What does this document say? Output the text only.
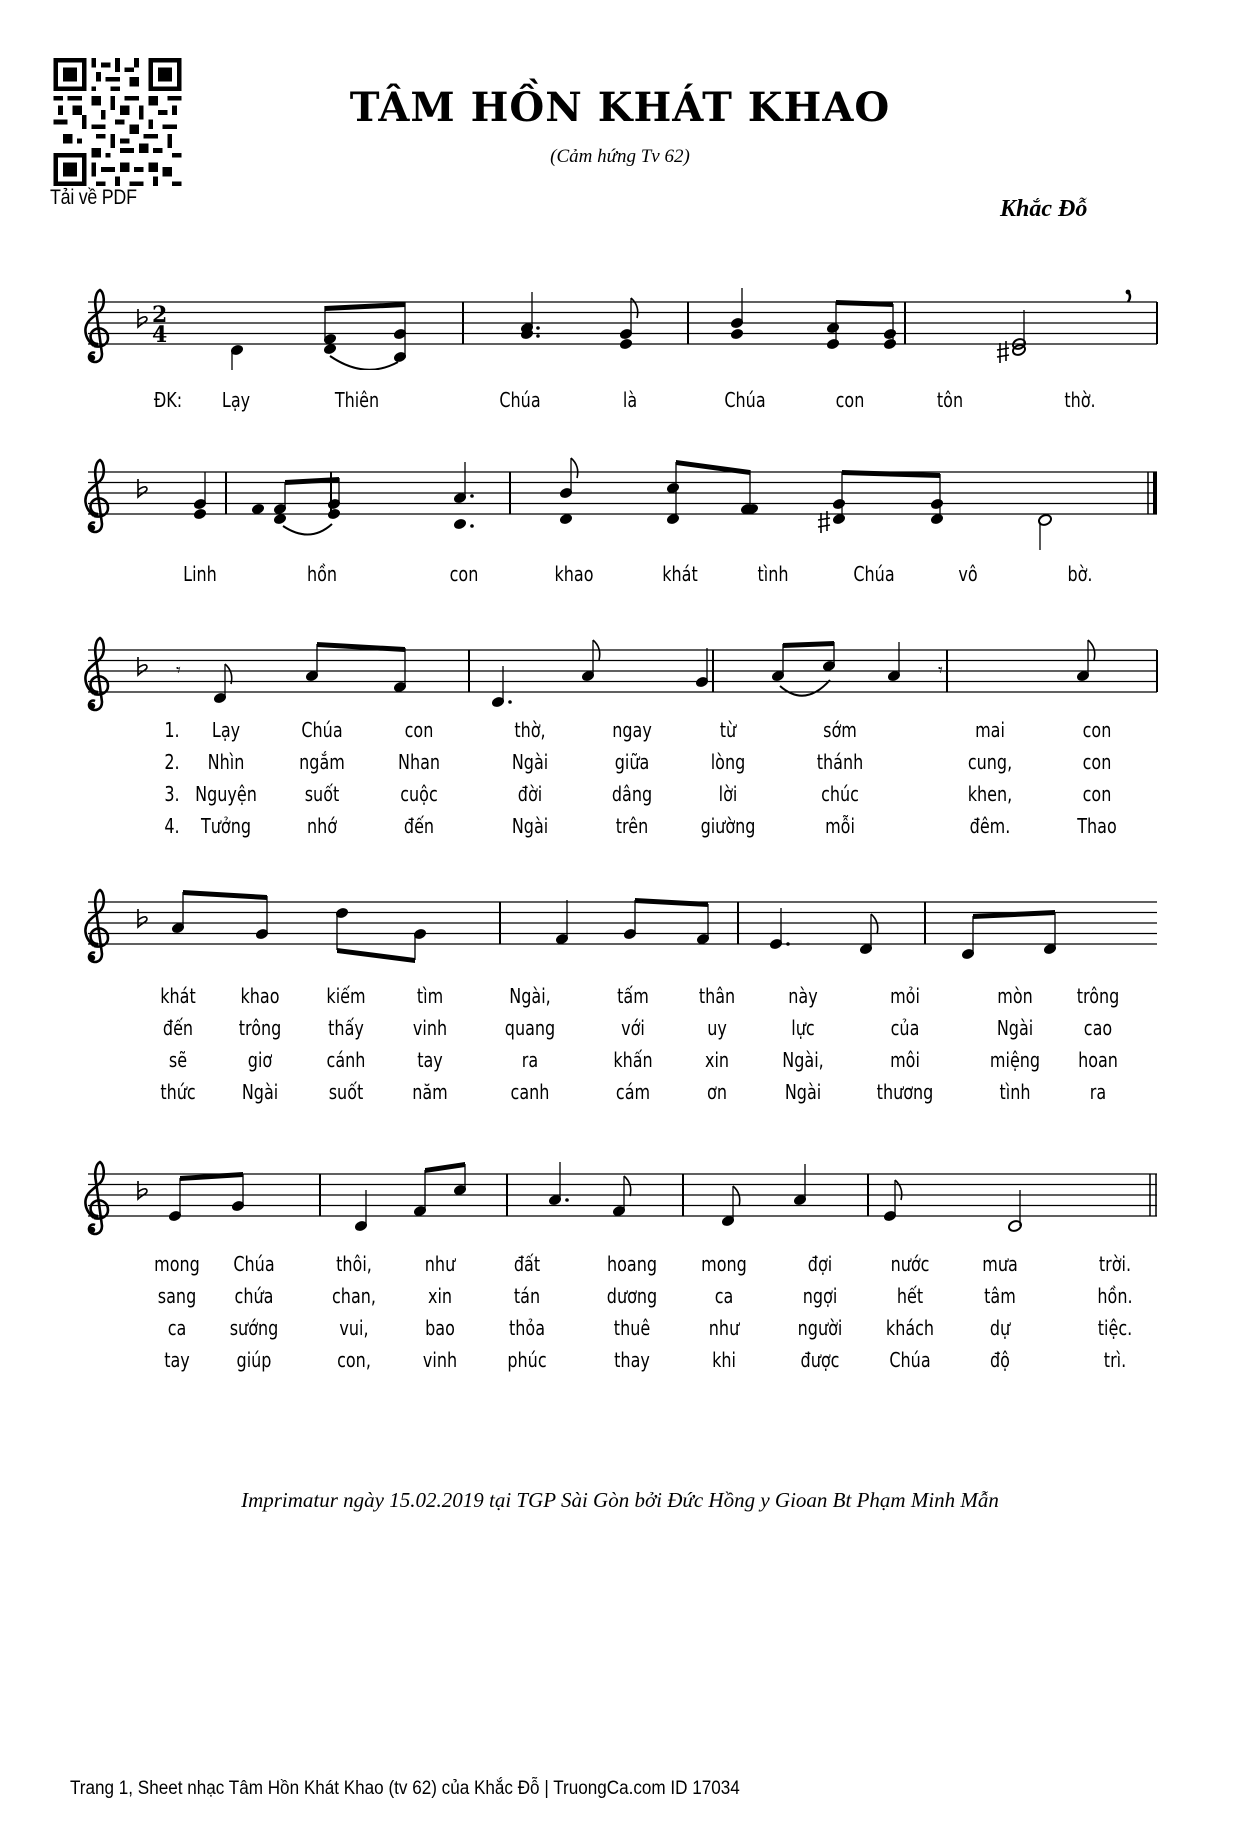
Tải về PDF
TÂM HỒN KHÁT KHAO
(Cảm hứng Tv 62)
Khắc Đỗ
2
4
ĐK: Lạy	Thiên	Chúa	là	Chúa	con	tôn	thờ.
Linh	hồn	con	khao	khát	tình	Chúa	vô	bờ.
𝄾	𝄾
1. Lạy	Chúa	con	thờ,	ngay	từ	sớm	mai	con
2. Nhìn	ngắm	Nhan	Ngài	giữa	lòng	thánh	cung,	con
3. Nguyện suốt	cuộc	đời	dâng	lời	chúc	khen,	con
4. Tưởng	nhớ	đến	Ngài	trên	giường	mỗi	đêm.	Thao
khát khao kiếm	tìm	Ngài,	tấm thân	này	mỏi	mòn trông
đến trông thấy vinh	quang	với	uy	lực	của	Ngài	cao
sẽ	giơ	cánh	tay	ra	khấn	xin	Ngài,	môi	miệng hoan
thức Ngài	suốt năm	canh	cám	ơn	Ngài	thương	tình	ra
mong Chúa	thôi,	như	đất	hoang mong	đợi	nước	mưa	trời.
sang chứa	chan,	xin	tán	dương	ca	ngợi	hết	tâm	hồn.
ca sướng	vui,	bao	thỏa	thuê	như	người khách	dự	tiệc.
tay giúp	con,	vinh	phúc	thay	khi	được Chúa	độ	trì.
Imprimatur ngày 15.02.2019 tại TGP Sài Gòn bởi Đức Hồng y Gioan Bt Phạm Minh Mẫn
Trang 1, Sheet nhạc Tâm Hồn Khát Khao (tv 62) của Khắc Đỗ | TruongCa.com ID 17034
